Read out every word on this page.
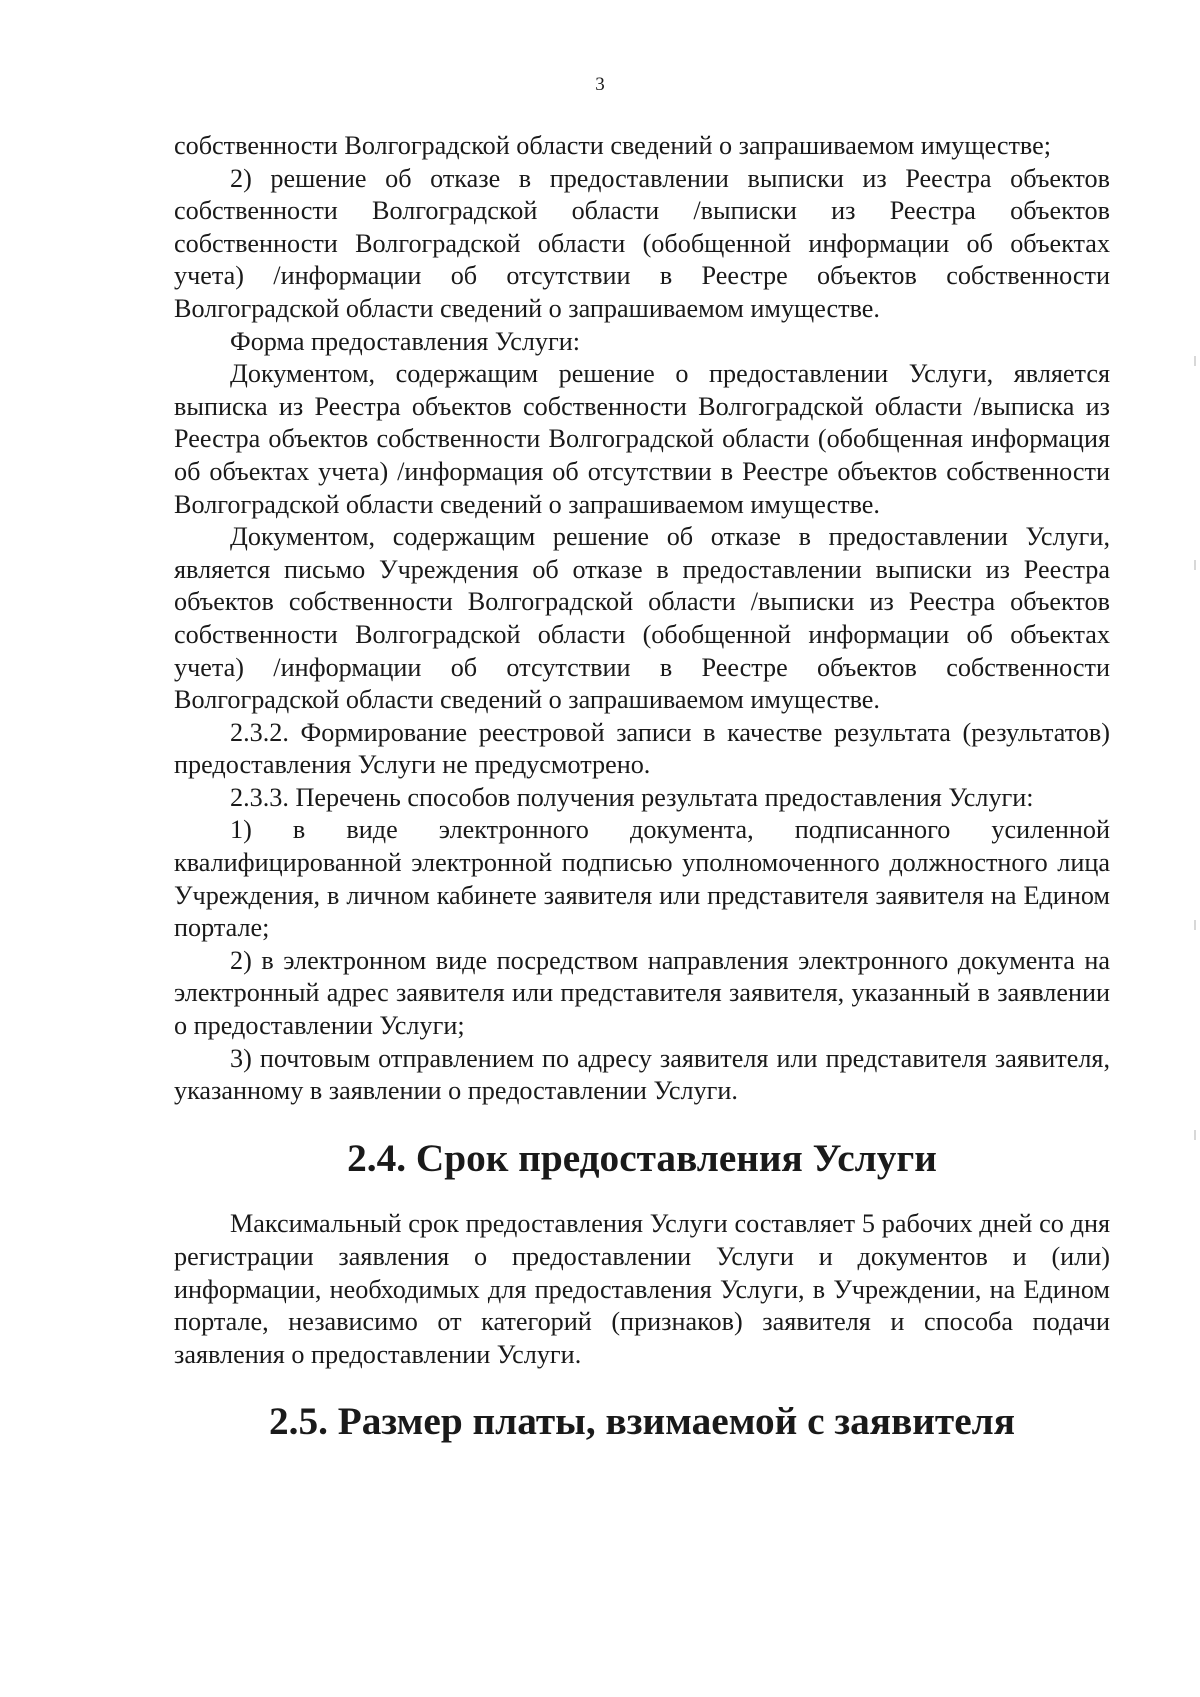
3

собственности Волгоградской области сведений о запрашиваемом имуществе;

2) решение об отказе в предоставлении выписки из Реестра объектов собственности Волгоградской области /выписки из Реестра объектов собственности Волгоградской области (обобщенной информации об объектах учета) /информации об отсутствии в Реестре объектов собственности Волгоградской области сведений о запрашиваемом имуществе.

Форма предоставления Услуги:

Документом, содержащим решение о предоставлении Услуги, является выписка из Реестра объектов собственности Волгоградской области /выписка из Реестра объектов собственности Волгоградской области (обобщенная информация об объектах учета) /информация об отсутствии в Реестре объектов собственности Волгоградской области сведений о запрашиваемом имуществе.

Документом, содержащим решение об отказе в предоставлении Услуги, является письмо Учреждения об отказе в предоставлении выписки из Реестра объектов собственности Волгоградской области /выписки из Реестра объектов собственности Волгоградской области (обобщенной информации об объектах учета) /информации об отсутствии в Реестре объектов собственности Волгоградской области сведений о запрашиваемом имуществе.

2.3.2. Формирование реестровой записи в качестве результата (результатов) предоставления Услуги не предусмотрено.

2.3.3. Перечень способов получения результата предоставления Услуги:

1) в виде электронного документа, подписанного усиленной квалифицированной электронной подписью уполномоченного должностного лица Учреждения, в личном кабинете заявителя или представителя заявителя на Едином портале;

2) в электронном виде посредством направления электронного документа на электронный адрес заявителя или представителя заявителя, указанный в заявлении о предоставлении Услуги;

3) почтовым отправлением по адресу заявителя или представителя заявителя, указанному в заявлении о предоставлении Услуги.

2.4. Срок предоставления Услуги

Максимальный срок предоставления Услуги составляет 5 рабочих дней со дня регистрации заявления о предоставлении Услуги и документов и (или) информации, необходимых для предоставления Услуги, в Учреждении, на Едином портале, независимо от категорий (признаков) заявителя и способа подачи заявления о предоставлении Услуги.

2.5. Размер платы, взимаемой с заявителя
